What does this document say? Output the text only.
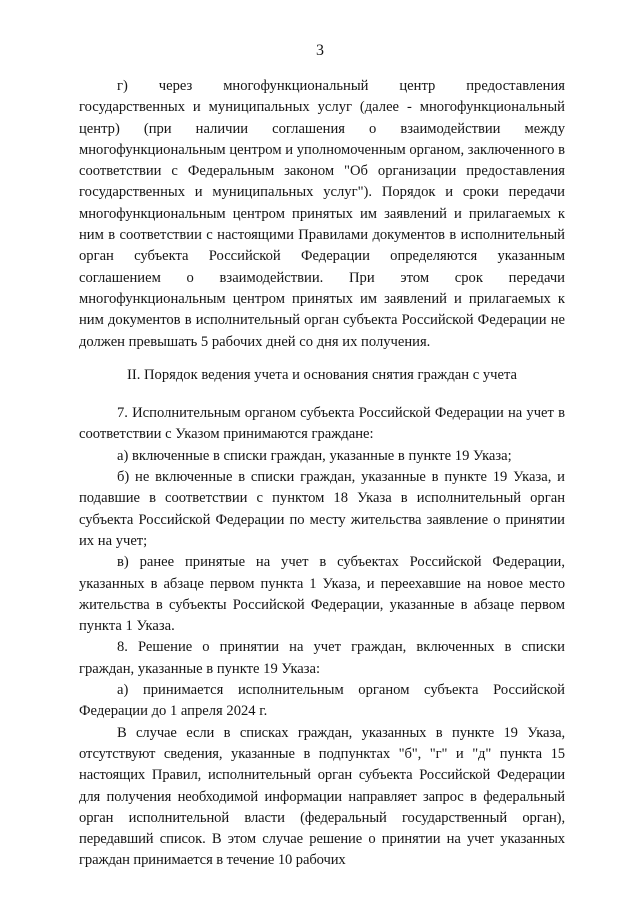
3

г) через многофункциональный центр предоставления государственных и муниципальных услуг (далее - многофункциональный центр) (при наличии соглашения о взаимодействии между многофункциональным центром и уполномоченным органом, заключенного в соответствии с Федеральным законом "Об организации предоставления государственных и муниципальных услуг"). Порядок и сроки передачи многофункциональным центром принятых им заявлений и прилагаемых к ним в соответствии с настоящими Правилами документов в исполнительный орган субъекта Российской Федерации определяются указанным соглашением о взаимодействии. При этом срок передачи многофункциональным центром принятых им заявлений и прилагаемых к ним документов в исполнительный орган субъекта Российской Федерации не должен превышать 5 рабочих дней со дня их получения.

II. Порядок ведения учета и основания снятия граждан с учета

7. Исполнительным органом субъекта Российской Федерации на учет в соответствии с Указом принимаются граждане:

а) включенные в списки граждан, указанные в пункте 19 Указа;

б) не включенные в списки граждан, указанные в пункте 19 Указа, и подавшие в соответствии с пунктом 18 Указа в исполнительный орган субъекта Российской Федерации по месту жительства заявление о принятии их на учет;

в) ранее принятые на учет в субъектах Российской Федерации, указанных в абзаце первом пункта 1 Указа, и переехавшие на новое место жительства в субъекты Российской Федерации, указанные в абзаце первом пункта 1 Указа.

8. Решение о принятии на учет граждан, включенных в списки граждан, указанные в пункте 19 Указа:

а) принимается исполнительным органом субъекта Российской Федерации до 1 апреля 2024 г.

В случае если в списках граждан, указанных в пункте 19 Указа, отсутствуют сведения, указанные в подпунктах "б", "г" и "д" пункта 15 настоящих Правил, исполнительный орган субъекта Российской Федерации для получения необходимой информации направляет запрос в федеральный орган исполнительной власти (федеральный государственный орган), передавший список. В этом случае решение о принятии на учет указанных граждан принимается в течение 10 рабочих
